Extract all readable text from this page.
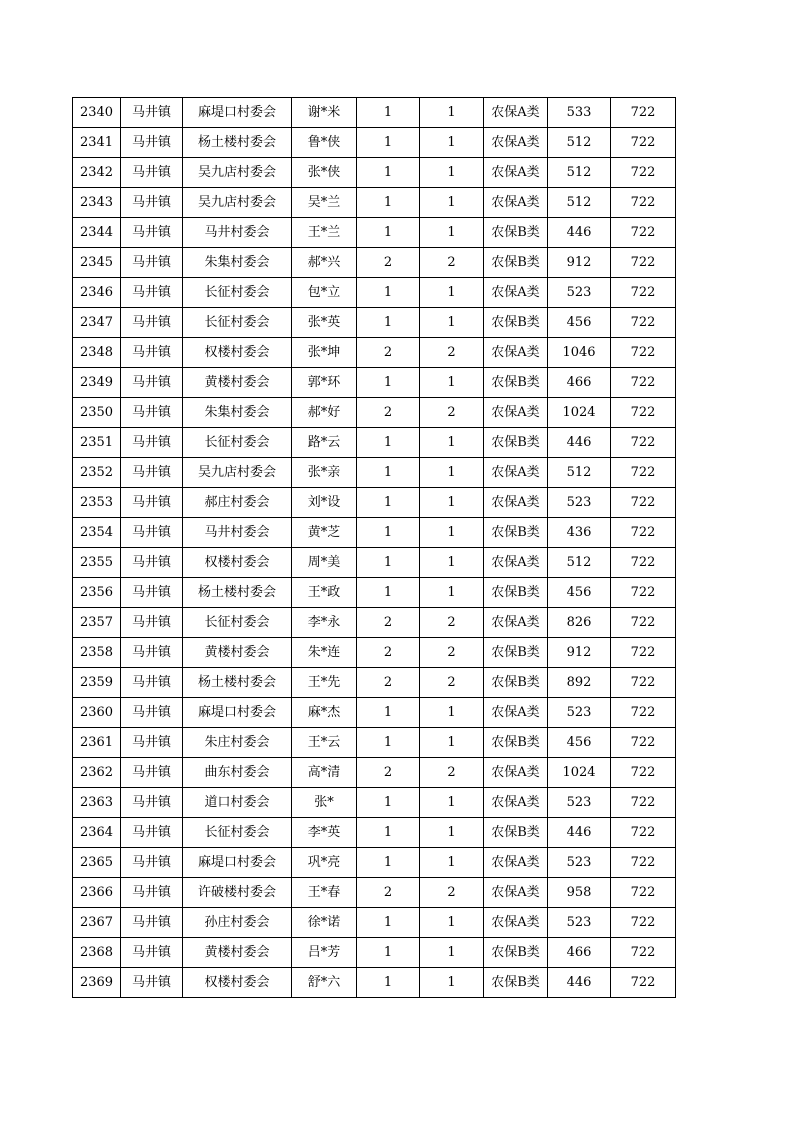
2340	马井镇	麻堤口村委会	谢*米	1	1	农保A类	533	722
2341	马井镇	杨土楼村委会	鲁*侠	1	1	农保A类	512	722
2342	马井镇	吴九店村委会	张*侠	1	1	农保A类	512	722
2343	马井镇	吴九店村委会	吴*兰	1	1	农保A类	512	722
2344	马井镇	马井村委会	王*兰	1	1	农保B类	446	722
2345	马井镇	朱集村委会	郝*兴	2	2	农保B类	912	722
2346	马井镇	长征村委会	包*立	1	1	农保A类	523	722
2347	马井镇	长征村委会	张*英	1	1	农保B类	456	722
2348	马井镇	权楼村委会	张*坤	2	2	农保A类	1046	722
2349	马井镇	黄楼村委会	郭*环	1	1	农保B类	466	722
2350	马井镇	朱集村委会	郝*好	2	2	农保A类	1024	722
2351	马井镇	长征村委会	路*云	1	1	农保B类	446	722
2352	马井镇	吴九店村委会	张*亲	1	1	农保A类	512	722
2353	马井镇	郝庄村委会	刘*设	1	1	农保A类	523	722
2354	马井镇	马井村委会	黄*芝	1	1	农保B类	436	722
2355	马井镇	权楼村委会	周*美	1	1	农保A类	512	722
2356	马井镇	杨土楼村委会	王*政	1	1	农保B类	456	722
2357	马井镇	长征村委会	李*永	2	2	农保A类	826	722
2358	马井镇	黄楼村委会	朱*连	2	2	农保B类	912	722
2359	马井镇	杨土楼村委会	王*先	2	2	农保B类	892	722
2360	马井镇	麻堤口村委会	麻*杰	1	1	农保A类	523	722
2361	马井镇	朱庄村委会	王*云	1	1	农保B类	456	722
2362	马井镇	曲东村委会	高*清	2	2	农保A类	1024	722
2363	马井镇	道口村委会	张*	1	1	农保A类	523	722
2364	马井镇	长征村委会	李*英	1	1	农保B类	446	722
2365	马井镇	麻堤口村委会	巩*亮	1	1	农保A类	523	722
2366	马井镇	许破楼村委会	王*春	2	2	农保A类	958	722
2367	马井镇	孙庄村委会	徐*诺	1	1	农保A类	523	722
2368	马井镇	黄楼村委会	吕*芳	1	1	农保B类	466	722
2369	马井镇	权楼村委会	舒*六	1	1	农保B类	446	722
